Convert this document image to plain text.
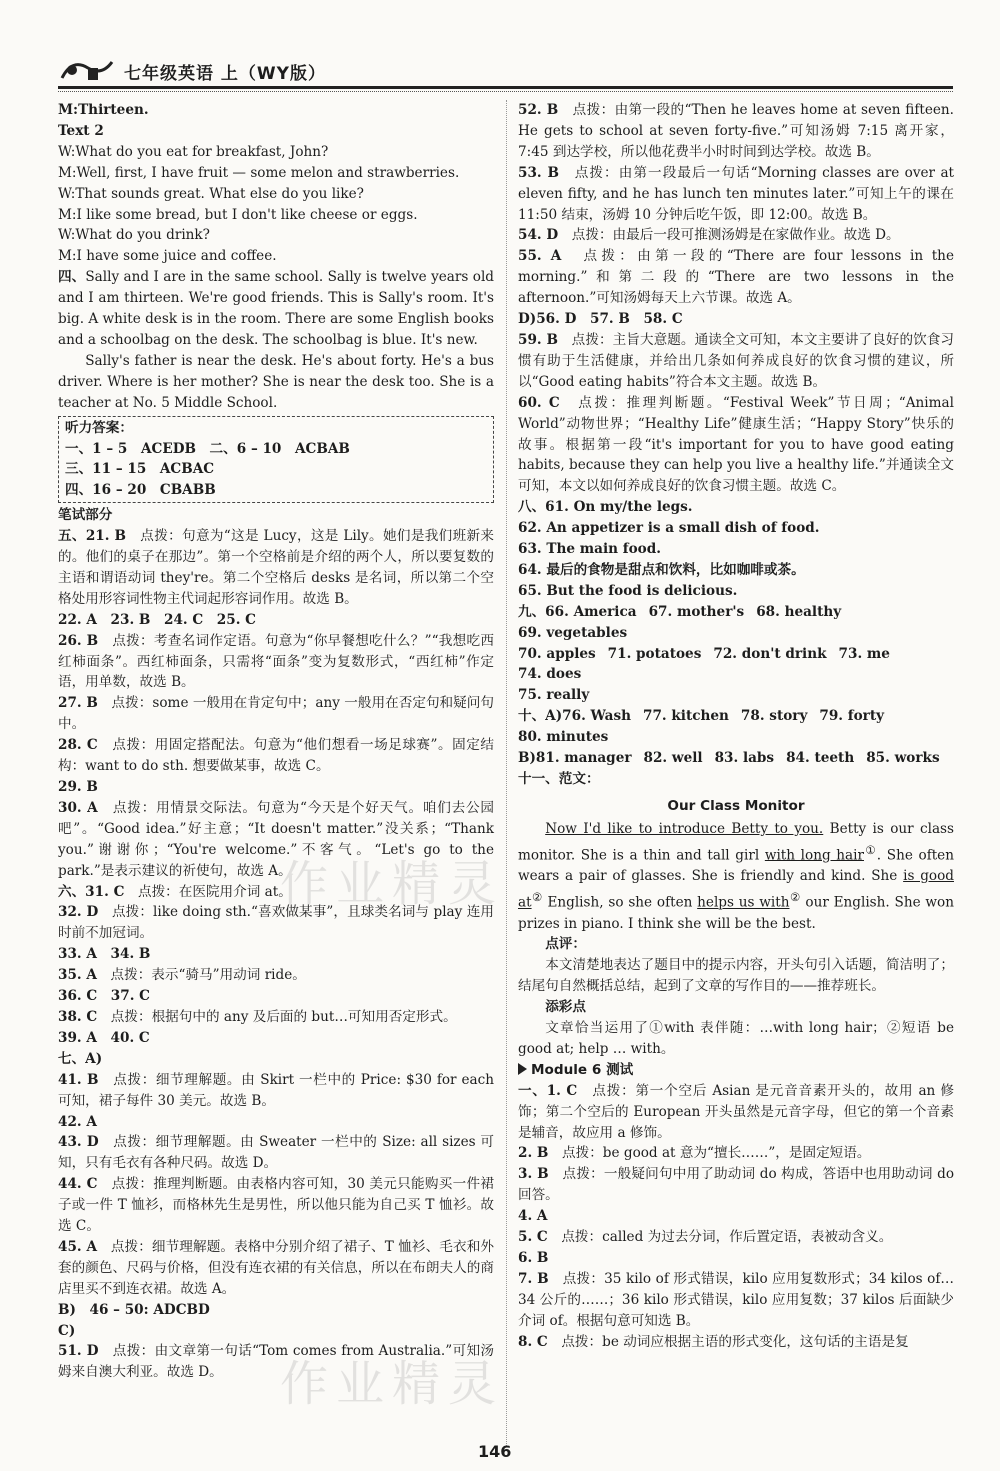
七年级英语 上（WY版）

M:Thirteen.

Text 2

W:What do you eat for breakfast, John?

M:Well, first, I have fruit — some melon and strawberries.

W:That sounds great. What else do you like?

M:I like some bread, but I don't like cheese or eggs.

W:What do you drink?

M:I have some juice and coffee.

四、Sally and I are in the same school. Sally is twelve years old and I am thirteen. We're good friends. This is Sally's room. It's big. A white desk is in the room. There are some English books and a schoolbag on the desk. The schoolbag is blue. It's new.

Sally's father is near the desk. He's about forty. He's a bus driver. Where is her mother? She is near the desk too. She is a teacher at No. 5 Middle School.

听力答案：
一、1 – 5　ACEDB　二、6 – 10　ACBAB
三、11 – 15　ACBAC
四、16 – 20　CBABB

笔试部分

五、21. B　 点拨：句意为“这是 Lucy，这是 Lily。她们是我们班新来的。他们的桌子在那边”。第一个空格前是介绍的两个人，所以要复数的主语和谓语动词 they're。第二个空格后 desks 是名词，所以第二个空格处用形容词性物主代词起形容词作用。故选 B。

22. A　23. B　24. C　25. C

26. B　 点拨：考查名词作定语。句意为“你早餐想吃什么？”“我想吃西红柿面条”。西红柿面条，只需将“面条”变为复数形式，“西红柿”作定语，用单数，故选 B。

27. B　 点拨：some 一般用在肯定句中；any 一般用在否定句和疑问句中。

28. C　 点拨：用固定搭配法。句意为“他们想看一场足球赛”。固定结构：want to do sth. 想要做某事，故选 C。

29. B

30. A　 点拨：用情景交际法。句意为“今天是个好天气。咱们去公园吧”。“Good idea.”好主意；“It doesn't matter.”没关系；“Thank you.”谢谢你；“You're welcome.”不客气。“Let's go to the park.”是表示建议的祈使句，故选 A。

六、31. C　 点拨：在医院用介词 at。

32. D　 点拨：like doing sth.“喜欢做某事”，且球类名词与 play 连用时前不加冠词。

33. A　34. B

35. A　 点拨：表示“骑马”用动词 ride。

36. C　37. C

38. C　 点拨：根据句中的 any 及后面的 but…可知用否定形式。

39. A　40. C

七、A)

41. B　 点拨：细节理解题。由 Skirt 一栏中的 Price: $30 for each 可知，裙子每件 30 美元。故选 B。

42. A

43. D　 点拨：细节理解题。由 Sweater 一栏中的 Size: all sizes 可知，只有毛衣有各种尺码。故选 D。

44. C　 点拨：推理判断题。由表格内容可知，30 美元只能购买一件裙子或一件 T 恤衫，而格林先生是男性，所以他只能为自己买 T 恤衫。故选 C。

45. A　 点拨：细节理解题。表格中分别介绍了裙子、T 恤衫、毛衣和外套的颜色、尺码与价格，但没有连衣裙的有关信息，所以在布朗夫人的商店里买不到连衣裙。故选 A。

B)　46 – 50: ADCBD

C)

51. D　 点拨：由文章第一句话“Tom comes from Australia.”可知汤姆来自澳大利亚。故选 D。

52. B　 点拨：由第一段的“Then he leaves home at seven fifteen. He gets to school at seven forty-five.”可知汤姆 7:15 离开家，7:45 到达学校，所以他花费半小时时间到达学校。故选 B。

53. B　 点拨：由第一段最后一句话“Morning classes are over at eleven fifty, and he has lunch ten minutes later.”可知上午的课在 11:50 结束，汤姆 10 分钟后吃午饭，即 12:00。故选 B。

54. D　 点拨：由最后一段可推测汤姆是在家做作业。故选 D。

55. A　 点拨：由第一段的“There are four lessons in the morning.”和第二段的“There are two lessons in the afternoon.”可知汤姆每天上六节课。故选 A。

D)56. D　57. B　58. C

59. B　 点拨：主旨大意题。通读全文可知，本文主要讲了良好的饮食习惯有助于生活健康，并给出几条如何养成良好的饮食习惯的建议，所以“Good eating habits”符合本文主题。故选 B。

60. C　 点拨：推理判断题。“Festival Week”节日周；“Animal World”动物世界；“Healthy Life”健康生活；“Happy Story”快乐的故事。根据第一段“it's important for you to have good eating habits, because they can help you live a healthy life.”并通读全文可知，本文以如何养成良好的饮食习惯主题。故选 C。

八、61. On my/the legs.

62. An appetizer is a small dish of food.

63. The main food.

64. 最后的食物是甜点和饮料，比如咖啡或茶。

65. But the food is delicious.

九、66. America 67. mother's 68. healthy69. vegetables

70. apples 71. potatoes 72. don't drink 73. me74. does

75. really

十、A)76. Wash 77. kitchen 78. story 79. forty80. minutes

B)81. manager 82. well 83. labs 84. teeth 85. works

十一、范文：

Our Class Monitor

Now I'd like to introduce Betty to you. Betty is our class monitor. She is a thin and tall girl with long hair①. She often wears a pair of glasses. She is friendly and kind. She is good at② English, so she often helps us with② our English. She won prizes in piano. I think she will be the best.

点评：

本文清楚地表达了题目中的提示内容，开头句引入话题，简洁明了；结尾句自然概括总结，起到了文章的写作目的——推荐班长。

添彩点

文章恰当运用了①with 表伴随：…with long hair；②短语 be good at; help … with。

Module 6 测试

一、1. C　 点拨：第一个空后 Asian 是元音音素开头的，故用 an 修饰；第二个空后的 European 开头虽然是元音字母，但它的第一个音素是辅音，故应用 a 修饰。

2. B　 点拨：be good at 意为“擅长……”，是固定短语。

3. B　 点拨：一般疑问句中用了助动词 do 构成，答语中也用助动词 do 回答。

4. A

5. C　 点拨：called 为过去分词，作后置定语，表被动含义。

6. B

7. B　 点拨：35 kilo of 形式错误，kilo 应用复数形式；34 kilos of…34 公斤的……；36 kilo 形式错误，kilo 应用复数；37 kilos 后面缺少介词 of。根据句意可知选 B。

8. C　 点拨：be 动词应根据主语的形式变化，这句话的主语是复

作业精灵
作业精灵
146
